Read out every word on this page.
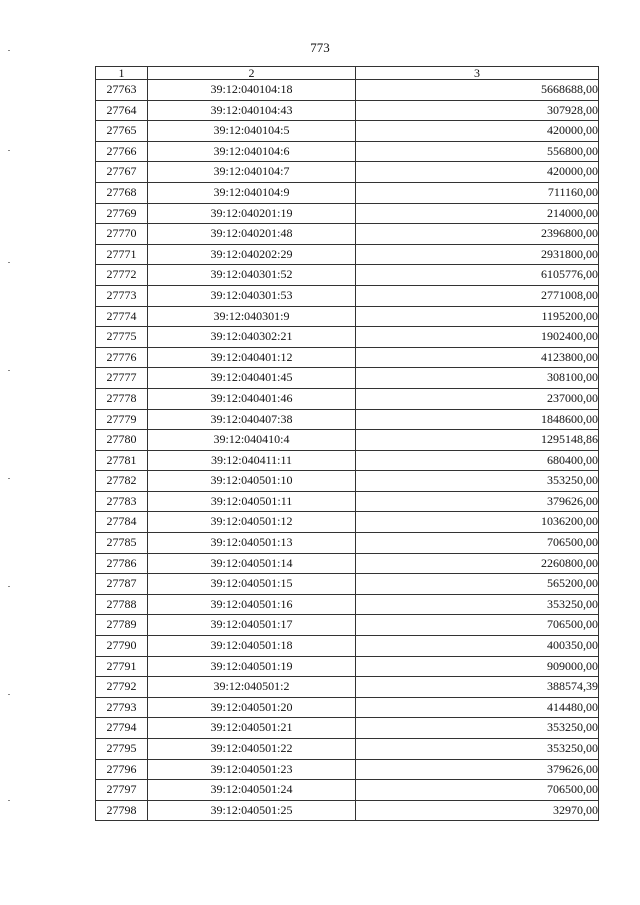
773
1	2	3
27763	39:12:040104:18	5668688,00
27764	39:12:040104:43	307928,00
27765	39:12:040104:5	420000,00
27766	39:12:040104:6	556800,00
27767	39:12:040104:7	420000,00
27768	39:12:040104:9	711160,00
27769	39:12:040201:19	214000,00
27770	39:12:040201:48	2396800,00
27771	39:12:040202:29	2931800,00
27772	39:12:040301:52	6105776,00
27773	39:12:040301:53	2771008,00
27774	39:12:040301:9	1195200,00
27775	39:12:040302:21	1902400,00
27776	39:12:040401:12	4123800,00
27777	39:12:040401:45	308100,00
27778	39:12:040401:46	237000,00
27779	39:12:040407:38	1848600,00
27780	39:12:040410:4	1295148,86
27781	39:12:040411:11	680400,00
27782	39:12:040501:10	353250,00
27783	39:12:040501:11	379626,00
27784	39:12:040501:12	1036200,00
27785	39:12:040501:13	706500,00
27786	39:12:040501:14	2260800,00
27787	39:12:040501:15	565200,00
27788	39:12:040501:16	353250,00
27789	39:12:040501:17	706500,00
27790	39:12:040501:18	400350,00
27791	39:12:040501:19	909000,00
27792	39:12:040501:2	388574,39
27793	39:12:040501:20	414480,00
27794	39:12:040501:21	353250,00
27795	39:12:040501:22	353250,00
27796	39:12:040501:23	379626,00
27797	39:12:040501:24	706500,00
27798	39:12:040501:25	32970,00
